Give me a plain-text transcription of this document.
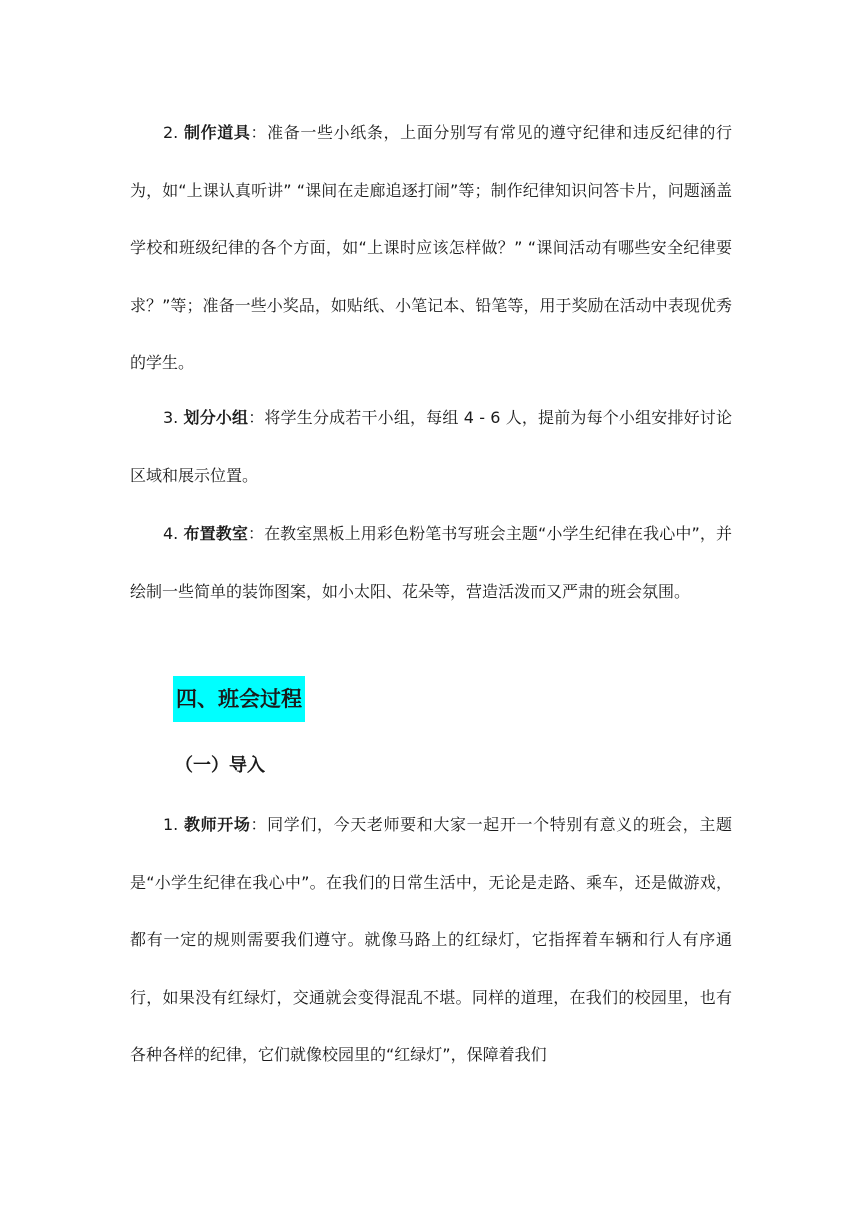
2. 制作道具：准备一些小纸条，上面分别写有常见的遵守纪律和违反纪律的行为，如“上课认真听讲” “课间在走廊追逐打闹”等；制作纪律知识问答卡片，问题涵盖学校和班级纪律的各个方面，如“上课时应该怎样做？” “课间活动有哪些安全纪律要求？”等；准备一些小奖品，如贴纸、小笔记本、铅笔等，用于奖励在活动中表现优秀的学生。

3. 划分小组：将学生分成若干小组，每组 4 - 6 人，提前为每个小组安排好讨论区域和展示位置。

4. 布置教室：在教室黑板上用彩色粉笔书写班会主题“小学生纪律在我心中”，并绘制一些简单的装饰图案，如小太阳、花朵等，营造活泼而又严肃的班会氛围。

四、班会过程
（一）导入

1. 教师开场：同学们，今天老师要和大家一起开一个特别有意义的班会，主题是“小学生纪律在我心中”。在我们的日常生活中，无论是走路、乘车，还是做游戏，都有一定的规则需要我们遵守。就像马路上的红绿灯，它指挥着车辆和行人有序通行，如果没有红绿灯，交通就会变得混乱不堪。同样的道理，在我们的校园里，也有各种各样的纪律，它们就像校园里的“红绿灯”，保障着我们
